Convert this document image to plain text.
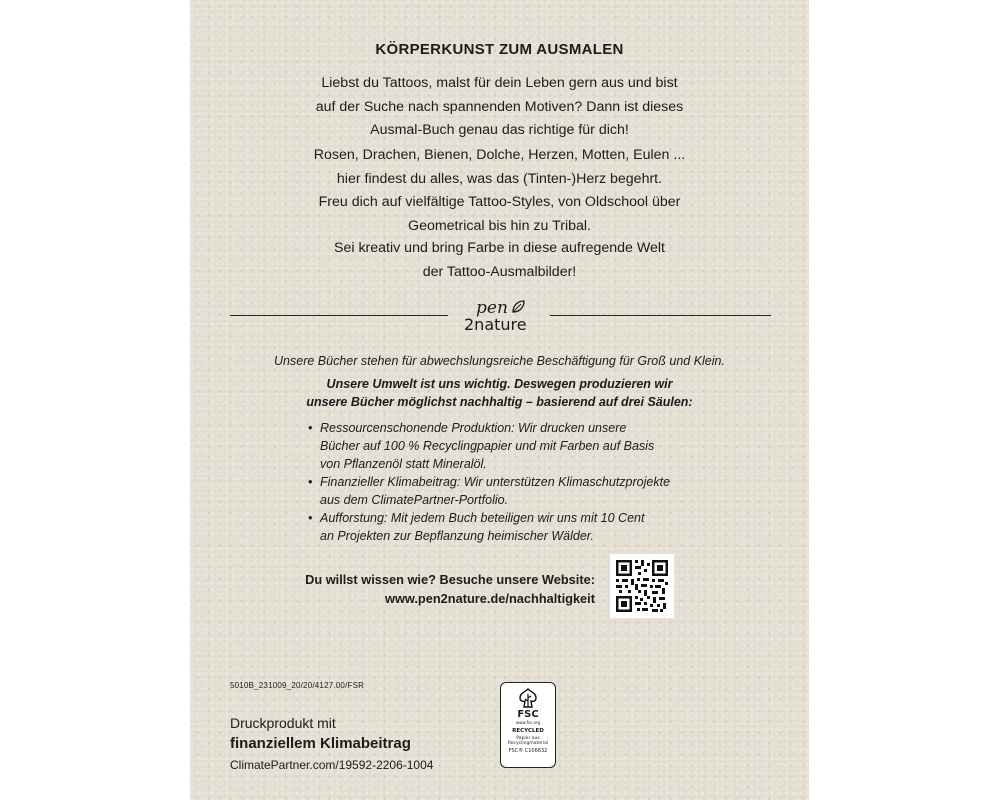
KÖRPERKUNST ZUM AUSMALEN
Liebst du Tattoos, malst für dein Leben gern aus und bist
auf der Suche nach spannenden Motiven? Dann ist dieses
Ausmal-Buch genau das richtige für dich!
Rosen, Drachen, Bienen, Dolche, Herzen, Motten, Eulen ...
hier findest du alles, was das (Tinten-)Herz begehrt.
Freu dich auf vielfältige Tattoo-Styles, von Oldschool über
Geometrical bis hin zu Tribal.
Sei kreativ und bring Farbe in diese aufregende Welt
der Tattoo-Ausmalbilder!
pen
2nature
Unsere Bücher stehen für abwechslungsreiche Beschäftigung für Groß und Klein.
Unsere Umwelt ist uns wichtig. Deswegen produzieren wir
unsere Bücher möglichst nachhaltig – basierend auf drei Säulen:
• Ressourcenschonende Produktion: Wir drucken unsere
Bücher auf 100 % Recyclingpapier und mit Farben auf Basis
von Pflanzenöl statt Mineralöl.
• Finanzieller Klimabeitrag: Wir unterstützen Klimaschutzprojekte
aus dem ClimatePartner-Portfolio.
• Aufforstung: Mit jedem Buch beteiligen wir uns mit 10 Cent
an Projekten zur Bepflanzung heimischer Wälder.
Du willst wissen wie? Besuche unsere Website:
www.pen2nature.de/nachhaltigkeit
5010B_231009_20/20/4127.00/FSR
Druckprodukt mit
finanziellem Klimabeitrag
ClimatePartner.com/19592-2206-1004
FSC
www.fsc.org
RECYCLED
Papier aus
Recyclingmaterial
FSC® C106632
